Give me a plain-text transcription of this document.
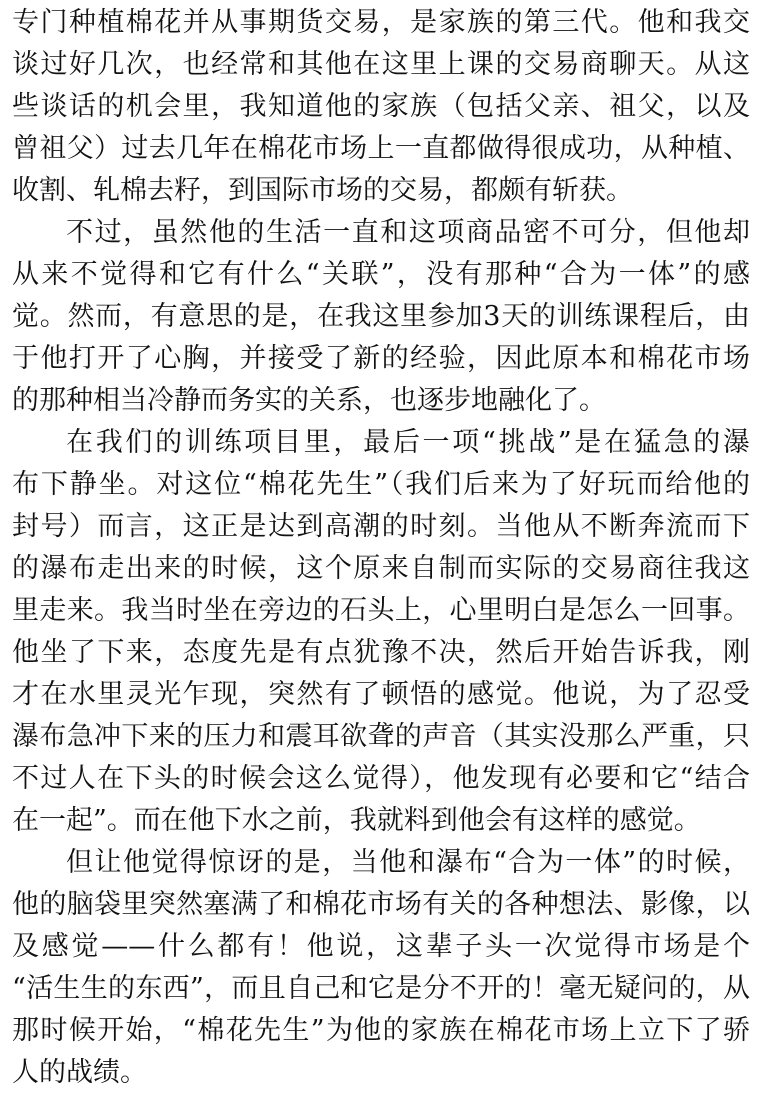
专门种植棉花并从事期货交易，是家族的第三代。他和我交
谈过好几次，也经常和其他在这里上课的交易商聊天。从这
些谈话的机会里，我知道他的家族（包括父亲、祖父，以及
曾祖父）过去几年在棉花市场上一直都做得很成功，从种植、
收割、轧棉去籽，到国际市场的交易，都颇有斩获。
不过，虽然他的生活一直和这项商品密不可分，但他却
从来不觉得和它有什么“关联”，没有那种“合为一体”的感
觉。然而，有意思的是，在我这里参加3天的训练课程后，由
于他打开了心胸，并接受了新的经验，因此原本和棉花市场
的那种相当冷静而务实的关系，也逐步地融化了。
在我们的训练项目里，最后一项“挑战”是在猛急的瀑
布下静坐。对这位“棉花先生”（我们后来为了好玩而给他的
封号）而言，这正是达到高潮的时刻。当他从不断奔流而下
的瀑布走出来的时候，这个原来自制而实际的交易商往我这
里走来。我当时坐在旁边的石头上，心里明白是怎么一回事。
他坐了下来，态度先是有点犹豫不决，然后开始告诉我，刚
才在水里灵光乍现，突然有了顿悟的感觉。他说，为了忍受
瀑布急冲下来的压力和震耳欲聋的声音（其实没那么严重，只
不过人在下头的时候会这么觉得），他发现有必要和它“结合
在一起”。而在他下水之前，我就料到他会有这样的感觉。
但让他觉得惊讶的是，当他和瀑布“合为一体”的时候，
他的脑袋里突然塞满了和棉花市场有关的各种想法、影像，以
及感觉——什么都有！他说，这辈子头一次觉得市场是个
“活生生的东西”，而且自己和它是分不开的！毫无疑问的，从
那时候开始，“棉花先生”为他的家族在棉花市场上立下了骄
人的战绩。
